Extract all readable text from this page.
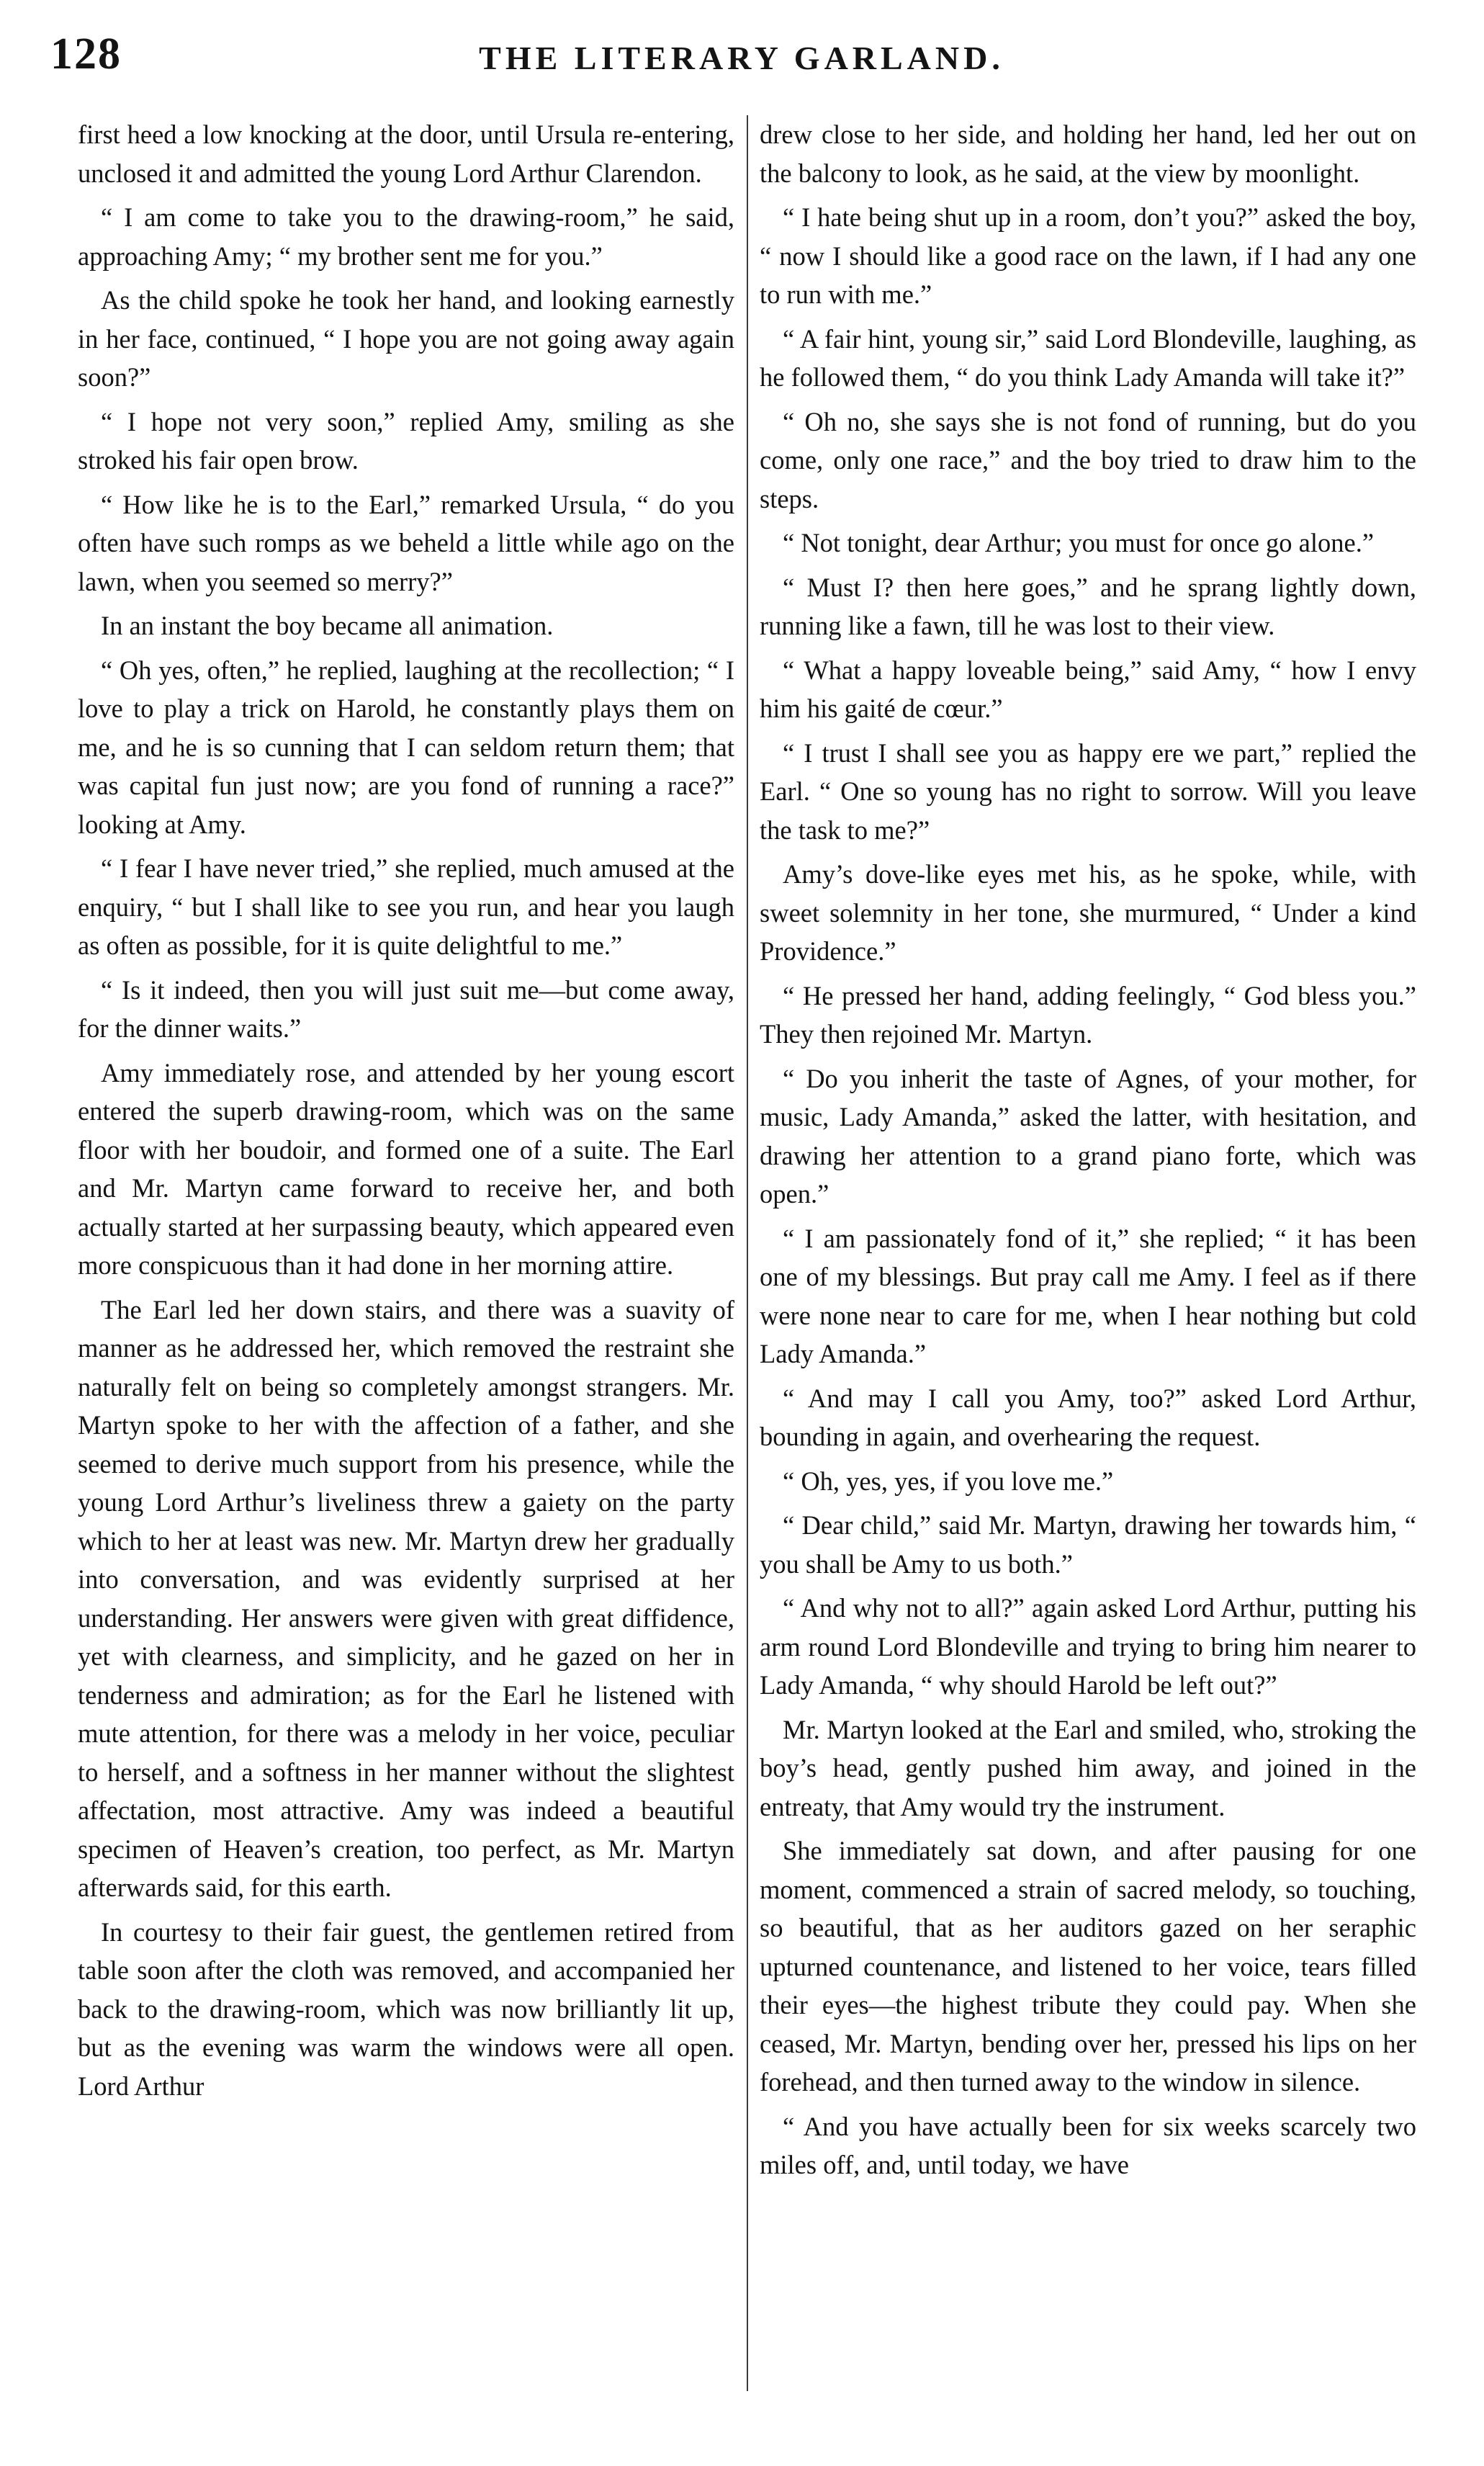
128	THE LITERARY GARLAND.

first heed a low knocking at the door, until Ursula re-entering, unclosed it and admitted the young Lord Arthur Clarendon.

“ I am come to take you to the drawing-room,” he said, approaching Amy; “ my brother sent me for you.”

As the child spoke he took her hand, and looking earnestly in her face, continued, “ I hope you are not going away again soon?”

“ I hope not very soon,” replied Amy, smiling as she stroked his fair open brow.

“ How like he is to the Earl,” remarked Ursula, “ do you often have such romps as we beheld a little while ago on the lawn, when you seemed so merry?”

In an instant the boy became all animation.

“ Oh yes, often,” he replied, laughing at the recollection; “ I love to play a trick on Harold, he constantly plays them on me, and he is so cunning that I can seldom return them; that was capital fun just now; are you fond of running a race?” looking at Amy.

“ I fear I have never tried,” she replied, much amused at the enquiry, “ but I shall like to see you run, and hear you laugh as often as possible, for it is quite delightful to me.”

“ Is it indeed, then you will just suit me—but come away, for the dinner waits.”

Amy immediately rose, and attended by her young escort entered the superb drawing-room, which was on the same floor with her boudoir, and formed one of a suite. The Earl and Mr. Martyn came forward to receive her, and both actually started at her surpassing beauty, which appeared even more conspicuous than it had done in her morning attire.

The Earl led her down stairs, and there was a suavity of manner as he addressed her, which removed the restraint she naturally felt on being so completely amongst strangers. Mr. Martyn spoke to her with the affection of a father, and she seemed to derive much support from his presence, while the young Lord Arthur’s liveliness threw a gaiety on the party which to her at least was new. Mr. Martyn drew her gradually into conversation, and was evidently surprised at her understanding. Her answers were given with great diffidence, yet with clearness, and simplicity, and he gazed on her in tenderness and admiration; as for the Earl he listened with mute attention, for there was a melody in her voice, peculiar to herself, and a softness in her manner without the slightest affectation, most attractive. Amy was indeed a beautiful specimen of Heaven’s creation, too perfect, as Mr. Martyn afterwards said, for this earth.

In courtesy to their fair guest, the gentlemen retired from table soon after the cloth was removed, and accompanied her back to the drawing-room, which was now brilliantly lit up, but as the evening was warm the windows were all open. Lord Arthur

drew close to her side, and holding her hand, led her out on the balcony to look, as he said, at the view by moonlight.

“ I hate being shut up in a room, don’t you?” asked the boy, “ now I should like a good race on the lawn, if I had any one to run with me.”

“ A fair hint, young sir,” said Lord Blondeville, laughing, as he followed them, “ do you think Lady Amanda will take it?”

“ Oh no, she says she is not fond of running, but do you come, only one race,” and the boy tried to draw him to the steps.

“ Not tonight, dear Arthur; you must for once go alone.”

“ Must I? then here goes,” and he sprang lightly down, running like a fawn, till he was lost to their view.

“ What a happy loveable being,” said Amy, “ how I envy him his gaité de cœur.”

“ I trust I shall see you as happy ere we part,” replied the Earl. “ One so young has no right to sorrow. Will you leave the task to me?”

Amy’s dove-like eyes met his, as he spoke, while, with sweet solemnity in her tone, she murmured, “ Under a kind Providence.”

“ He pressed her hand, adding feelingly, “ God bless you.” They then rejoined Mr. Martyn.

“ Do you inherit the taste of Agnes, of your mother, for music, Lady Amanda,” asked the latter, with hesitation, and drawing her attention to a grand piano forte, which was open.”

“ I am passionately fond of it,” she replied; “ it has been one of my blessings. But pray call me Amy. I feel as if there were none near to care for me, when I hear nothing but cold Lady Amanda.”

“ And may I call you Amy, too?” asked Lord Arthur, bounding in again, and overhearing the request.

“ Oh, yes, yes, if you love me.”

“ Dear child,” said Mr. Martyn, drawing her towards him, “ you shall be Amy to us both.”

“ And why not to all?” again asked Lord Arthur, putting his arm round Lord Blondeville and trying to bring him nearer to Lady Amanda, “ why should Harold be left out?”

Mr. Martyn looked at the Earl and smiled, who, stroking the boy’s head, gently pushed him away, and joined in the entreaty, that Amy would try the instrument.

She immediately sat down, and after pausing for one moment, commenced a strain of sacred melody, so touching, so beautiful, that as her auditors gazed on her seraphic upturned countenance, and listened to her voice, tears filled their eyes—the highest tribute they could pay. When she ceased, Mr. Martyn, bending over her, pressed his lips on her forehead, and then turned away to the window in silence.

“ And you have actually been for six weeks scarcely two miles off, and, until today, we have
